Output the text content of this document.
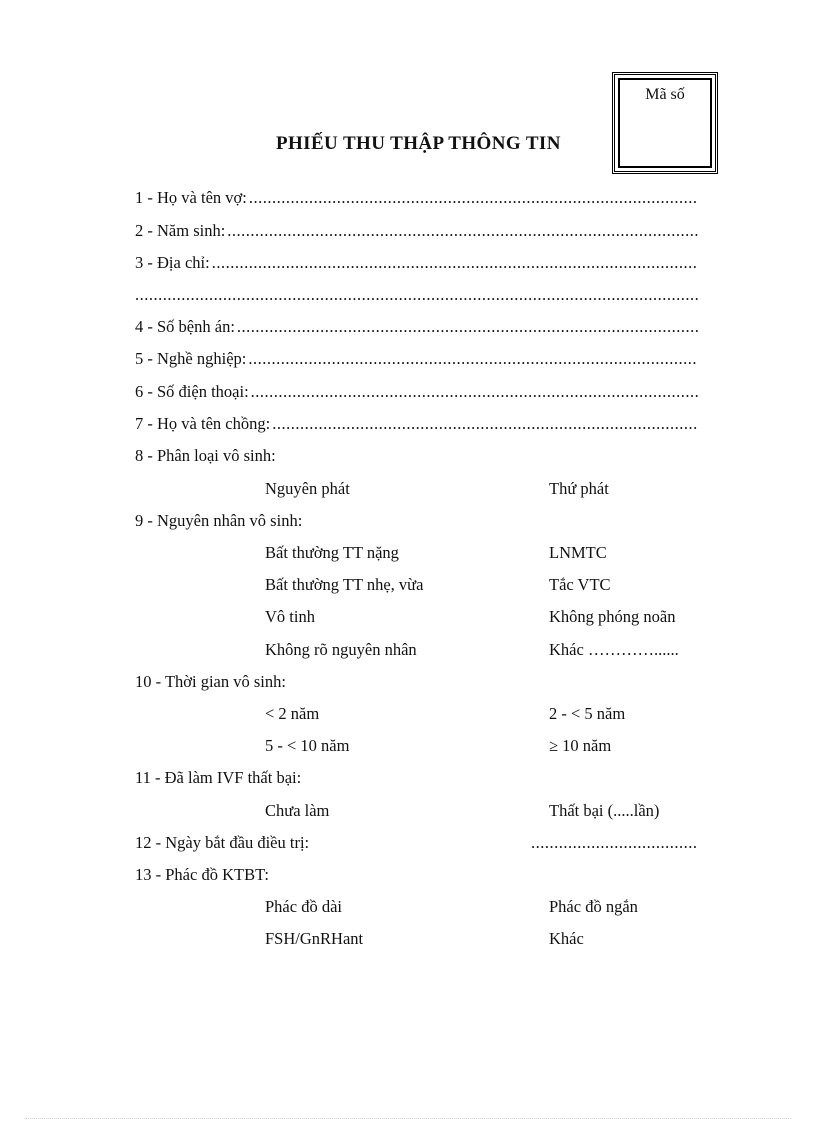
Mã số
PHIẾU THU THẬP THÔNG TIN
1 - Họ và tên vợ:
.....
2 - Năm sinh:
.....
3 - Địa chỉ:
.....
.....
4 - Số bệnh án:
.....
5 - Nghề nghiệp:
.....
6 - Số điện thoại:
.....
7 - Họ và tên chồng:
.....
8 - Phân loại vô sinh:
Nguyên phát	Thứ phát
9 - Nguyên nhân vô sinh:
Bất thường TT nặng	LNMTC
Bất thường TT nhẹ, vừa	Tắc VTC
Vô tinh	Không phóng noãn
Không rõ nguyên nhân	Khác …………......
10 - Thời gian vô sinh:
< 2 năm	2 - < 5 năm
5 - < 10 năm	≥ 10 năm
11 - Đã làm IVF thất bại:
Chưa làm	Thất bại (.....lần)
12 - Ngày bắt đầu điều trị:
.....
13 - Phác đồ KTBT:
Phác đồ dài	Phác đồ ngắn
FSH/GnRHant	Khác
